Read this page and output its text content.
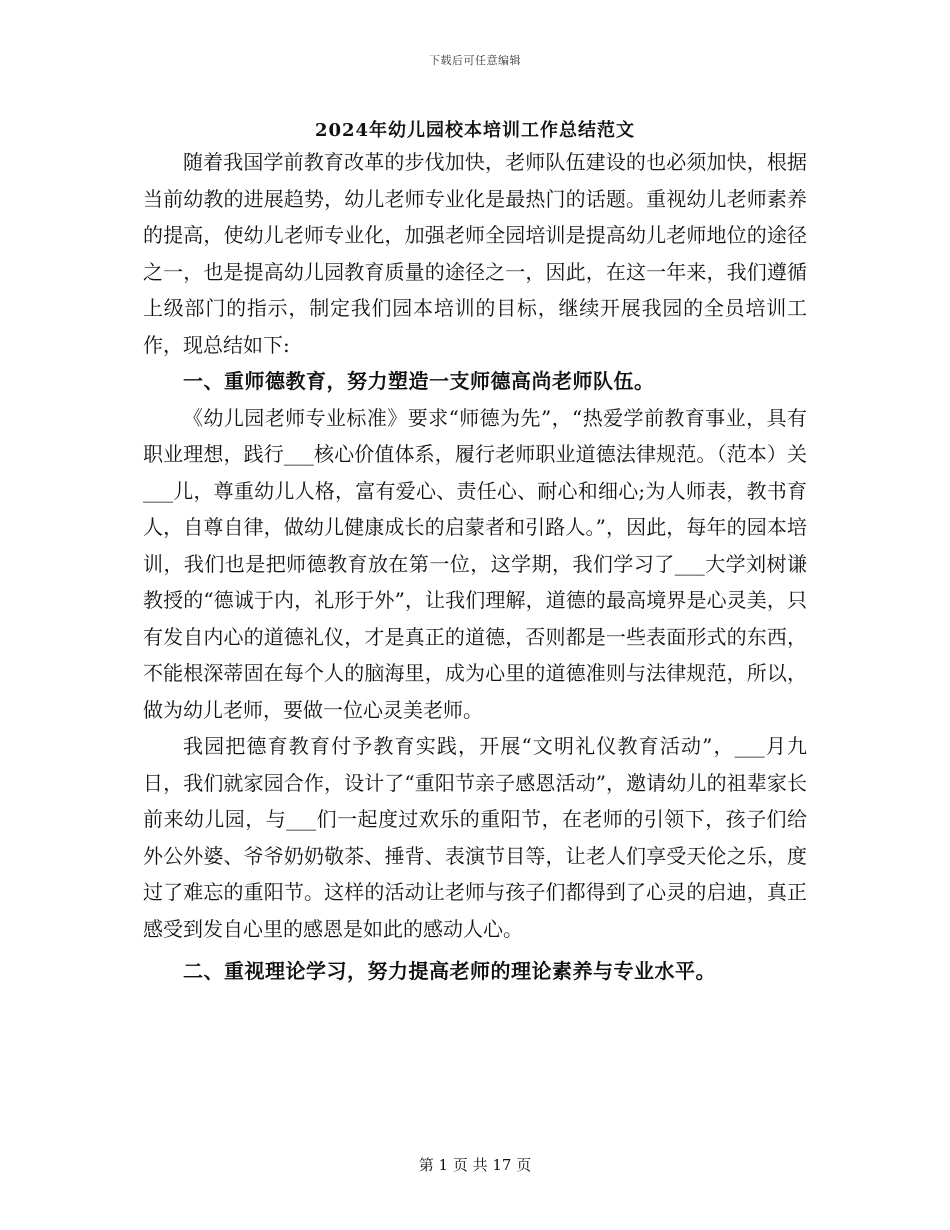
下载后可任意编辑
2024年幼儿园校本培训工作总结范文

随着我国学前教育改革的步伐加快，老师队伍建设的也必须加快，根据当前幼教的进展趋势，幼儿老师专业化是最热门的话题。重视幼儿老师素养的提高，使幼儿老师专业化，加强老师全园培训是提高幼儿老师地位的途径之一，也是提高幼儿园教育质量的途径之一，因此，在这一年来，我们遵循上级部门的指示，制定我们园本培训的目标，继续开展我园的全员培训工作，现总结如下:

一、重师德教育，努力塑造一支师德高尚老师队伍。

《幼儿园老师专业标准》要求“师德为先”，“热爱学前教育事业，具有职业理想，践行___核心价值体系，履行老师职业道德法律规范。（范本）关___儿，尊重幼儿人格，富有爱心、责任心、耐心和细心;为人师表，教书育人，自尊自律，做幼儿健康成长的启蒙者和引路人。”，因此，每年的园本培训，我们也是把师德教育放在第一位，这学期，我们学习了___大学刘树谦教授的“德诚于内，礼形于外”，让我们理解，道德的最高境界是心灵美，只有发自内心的道德礼仪，才是真正的道德，否则都是一些表面形式的东西，不能根深蒂固在每个人的脑海里，成为心里的道德准则与法律规范，所以，做为幼儿老师，要做一位心灵美老师。

我园把德育教育付予教育实践，开展“文明礼仪教育活动”，___月九日，我们就家园合作，设计了“重阳节亲子感恩活动”，邀请幼儿的祖辈家长前来幼儿园，与___们一起度过欢乐的重阳节，在老师的引领下，孩子们给外公外婆、爷爷奶奶敬茶、捶背、表演节目等，让老人们享受天伦之乐，度过了难忘的重阳节。这样的活动让老师与孩子们都得到了心灵的启迪，真正感受到发自心里的感恩是如此的感动人心。

二、重视理论学习，努力提高老师的理论素养与专业水平。
第 1 页 共 17 页
